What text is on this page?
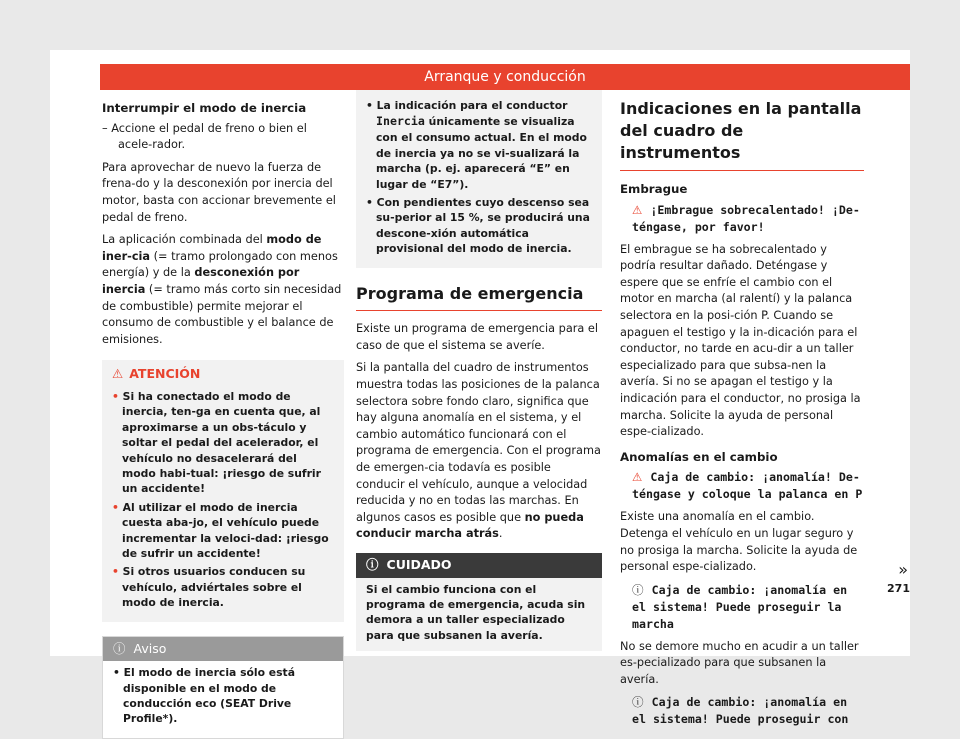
Arranque y conducción
Interrumpir el modo de inercia

– Accione el pedal de freno o bien el acele-rador.

Para aprovechar de nuevo la fuerza de frena-do y la desconexión por inercia del motor, basta con accionar brevemente el pedal de freno.

La aplicación combinada del modo de iner-cia (= tramo prolongado con menos energía) y de la desconexión por inercia (= tramo más corto sin necesidad de combustible) permite mejorar el consumo de combustible y el balance de emisiones.

⚠ ATENCIÓN

• Si ha conectado el modo de inercia, ten-ga en cuenta que, al aproximarse a un obs-táculo y soltar el pedal del acelerador, el vehículo no desacelerará del modo habi-tual: ¡riesgo de sufrir un accidente!

• Al utilizar el modo de inercia cuesta aba-jo, el vehículo puede incrementar la veloci-dad: ¡riesgo de sufrir un accidente!

• Si otros usuarios conducen su vehículo, adviértales sobre el modo de inercia.

ⓘ Aviso

• El modo de inercia sólo está disponible en el modo de conducción eco (SEAT Drive Profile*).

• La indicación para el conductor Inercia únicamente se visualiza con el consumo actual. En el modo de inercia ya no se vi-sualizará la marcha (p. ej. aparecerá “E” en lugar de “E7”).

• Con pendientes cuyo descenso sea su-perior al 15 %, se producirá una descone-xión automática provisional del modo de inercia.

Programa de emergencia

Existe un programa de emergencia para el caso de que el sistema se averíe.

Si la pantalla del cuadro de instrumentos muestra todas las posiciones de la palanca selectora sobre fondo claro, significa que hay alguna anomalía en el sistema, y el cambio automático funcionará con el programa de emergencia. Con el programa de emergen-cia todavía es posible conducir el vehículo, aunque a velocidad reducida y no en todas las marchas. En algunos casos es posible que no pueda conducir marcha atrás.

ⓘ CUIDADO
Si el cambio funciona con el programa de emergencia, acuda sin demora a un taller especializado para que subsanen la avería.
Indicaciones en la pantalla del cuadro de instrumentos
Embrague

⚠ ¡Embrague sobrecalentado! ¡De-téngase, por favor!

El embrague se ha sobrecalentado y podría resultar dañado. Deténgase y espere que se enfríe el cambio con el motor en marcha (al ralentí) y la palanca selectora en la posi-ción P. Cuando se apaguen el testigo y la in-dicación para el conductor, no tarde en acu-dir a un taller especializado para que subsa-nen la avería. Si no se apagan el testigo y la indicación para el conductor, no prosiga la marcha. Solicite la ayuda de personal espe-cializado.

Anomalías en el cambio

⚠ Caja de cambio: ¡anomalía! De-téngase y coloque la palanca en P

Existe una anomalía en el cambio. Detenga el vehículo en un lugar seguro y no prosiga la marcha. Solicite la ayuda de personal espe-cializado.

ⓘ Caja de cambio: ¡anomalía en el sistema! Puede proseguir la marcha

No se demore mucho en acudir a un taller es-pecializado para que subsanen la avería.

ⓘ Caja de cambio: ¡anomalía en el sistema! Puede proseguir con

»
271
